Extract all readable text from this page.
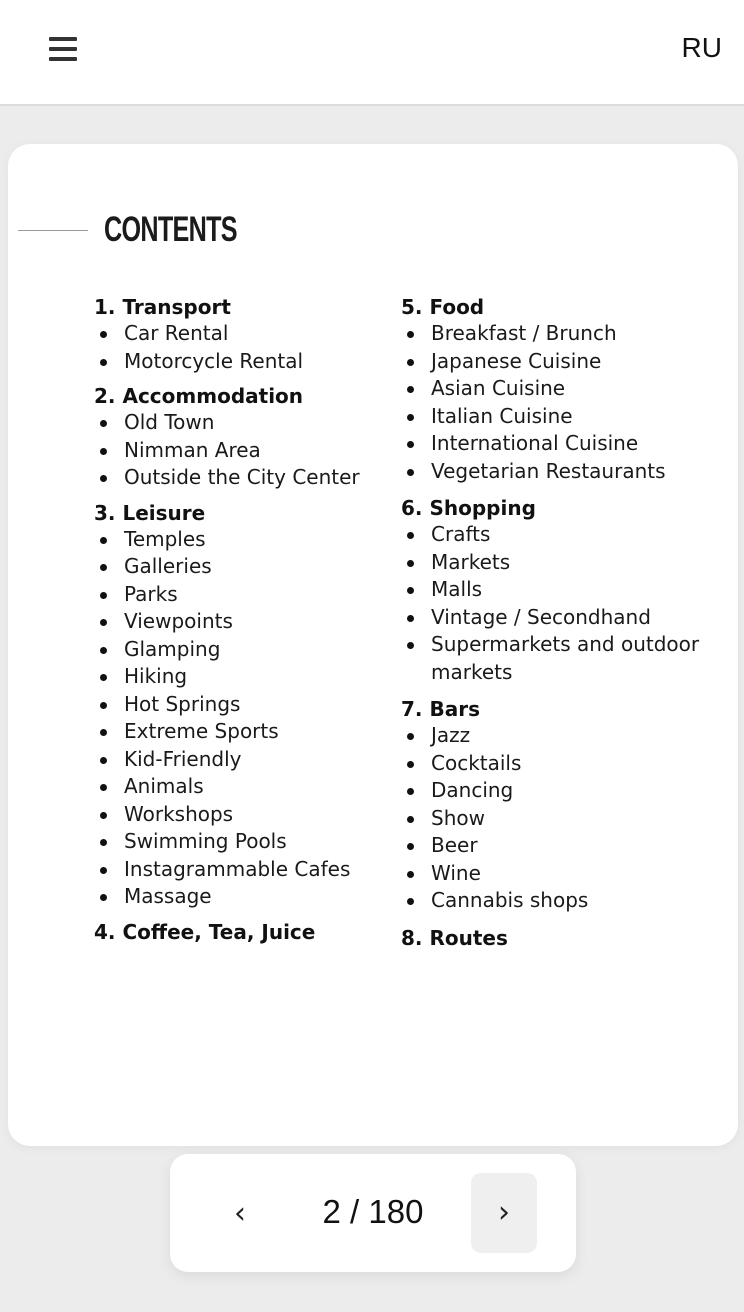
RU
CONTENTS
1. Transport
Car Rental
Motorcycle Rental
2. Accommodation
Old Town
Nimman Area
Outside the City Center
3. Leisure
Temples
Galleries
Parks
Viewpoints
Glamping
Hiking
Hot Springs
Extreme Sports
Kid-Friendly
Animals
Workshops
Swimming Pools
Instagrammable Cafes
Massage
4. Coffee, Tea, Juice
5. Food
Breakfast / Brunch
Japanese Cuisine
Asian Cuisine
Italian Cuisine
International Cuisine
Vegetarian Restaurants
6. Shopping
Crafts
Markets
Malls
Vintage / Secondhand
Supermarkets and outdoor markets
7. Bars
Jazz
Cocktails
Dancing
Show
Beer
Wine
Cannabis shops
8. Routes
‹	2 / 180	›
